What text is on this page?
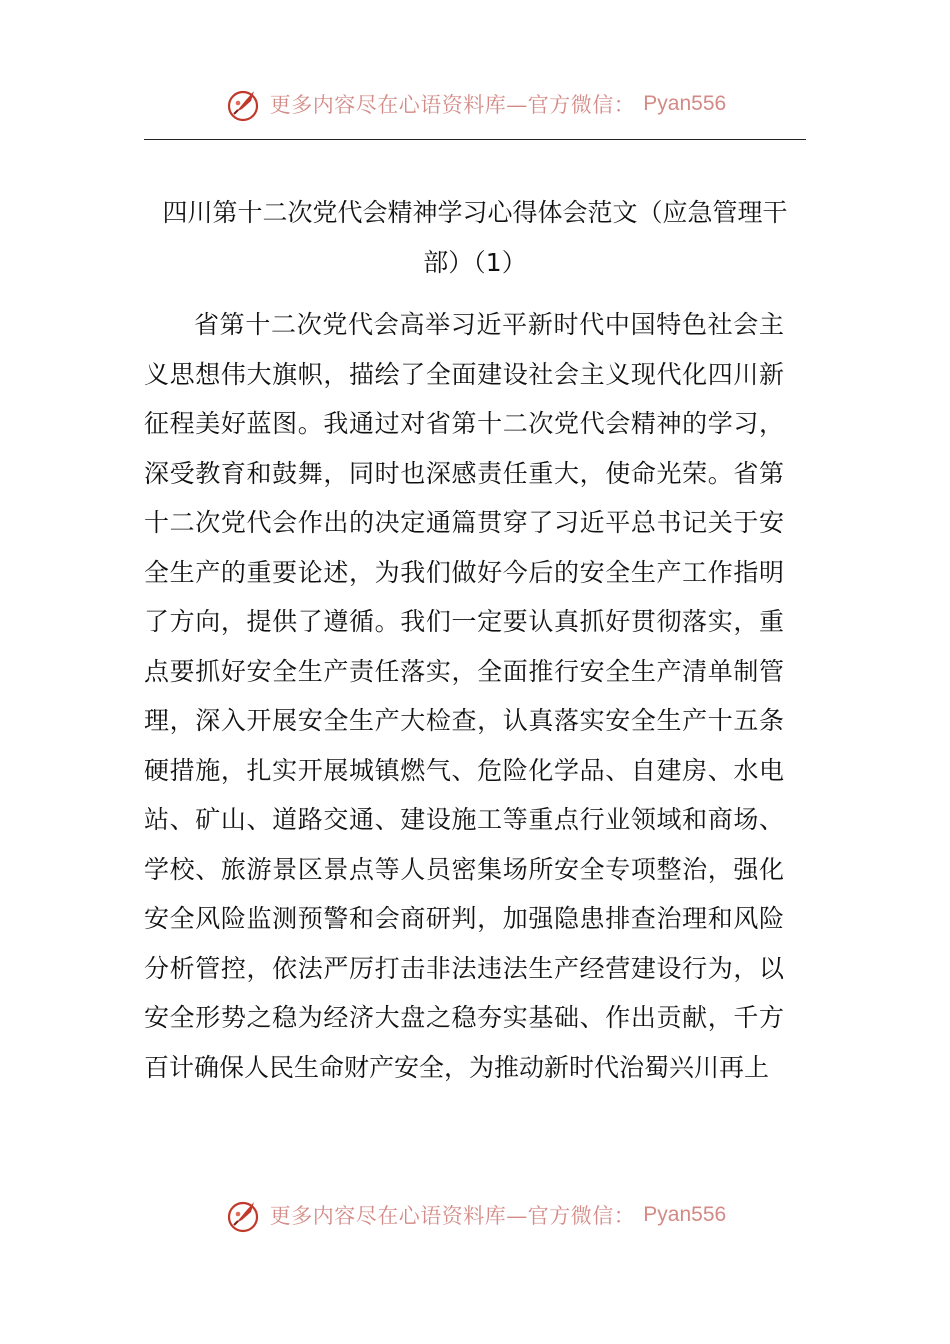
更多内容尽在心语资料库—官方微信： Pyan556
四川第十二次党代会精神学习心得体会范文（应急管理干部）（1）

省第十二次党代会高举习近平新时代中国特色社会主义思想伟大旗帜，描绘了全面建设社会主义现代化四川新征程美好蓝图。我通过对省第十二次党代会精神的学习，深受教育和鼓舞，同时也深感责任重大，使命光荣。省第十二次党代会作出的决定通篇贯穿了习近平总书记关于安全生产的重要论述，为我们做好今后的安全生产工作指明了方向，提供了遵循。我们一定要认真抓好贯彻落实，重点要抓好安全生产责任落实，全面推行安全生产清单制管理，深入开展安全生产大检查，认真落实安全生产十五条硬措施，扎实开展城镇燃气、危险化学品、自建房、水电站、矿山、道路交通、建设施工等重点行业领域和商场、学校、旅游景区景点等人员密集场所安全专项整治，强化安全风险监测预警和会商研判，加强隐患排查治理和风险分析管控，依法严厉打击非法违法生产经营建设行为，以安全形势之稳为经济大盘之稳夯实基础、作出贡献，千方百计确保人民生命财产安全，为推动新时代治蜀兴川再上

更多内容尽在心语资料库—官方微信： Pyan556
